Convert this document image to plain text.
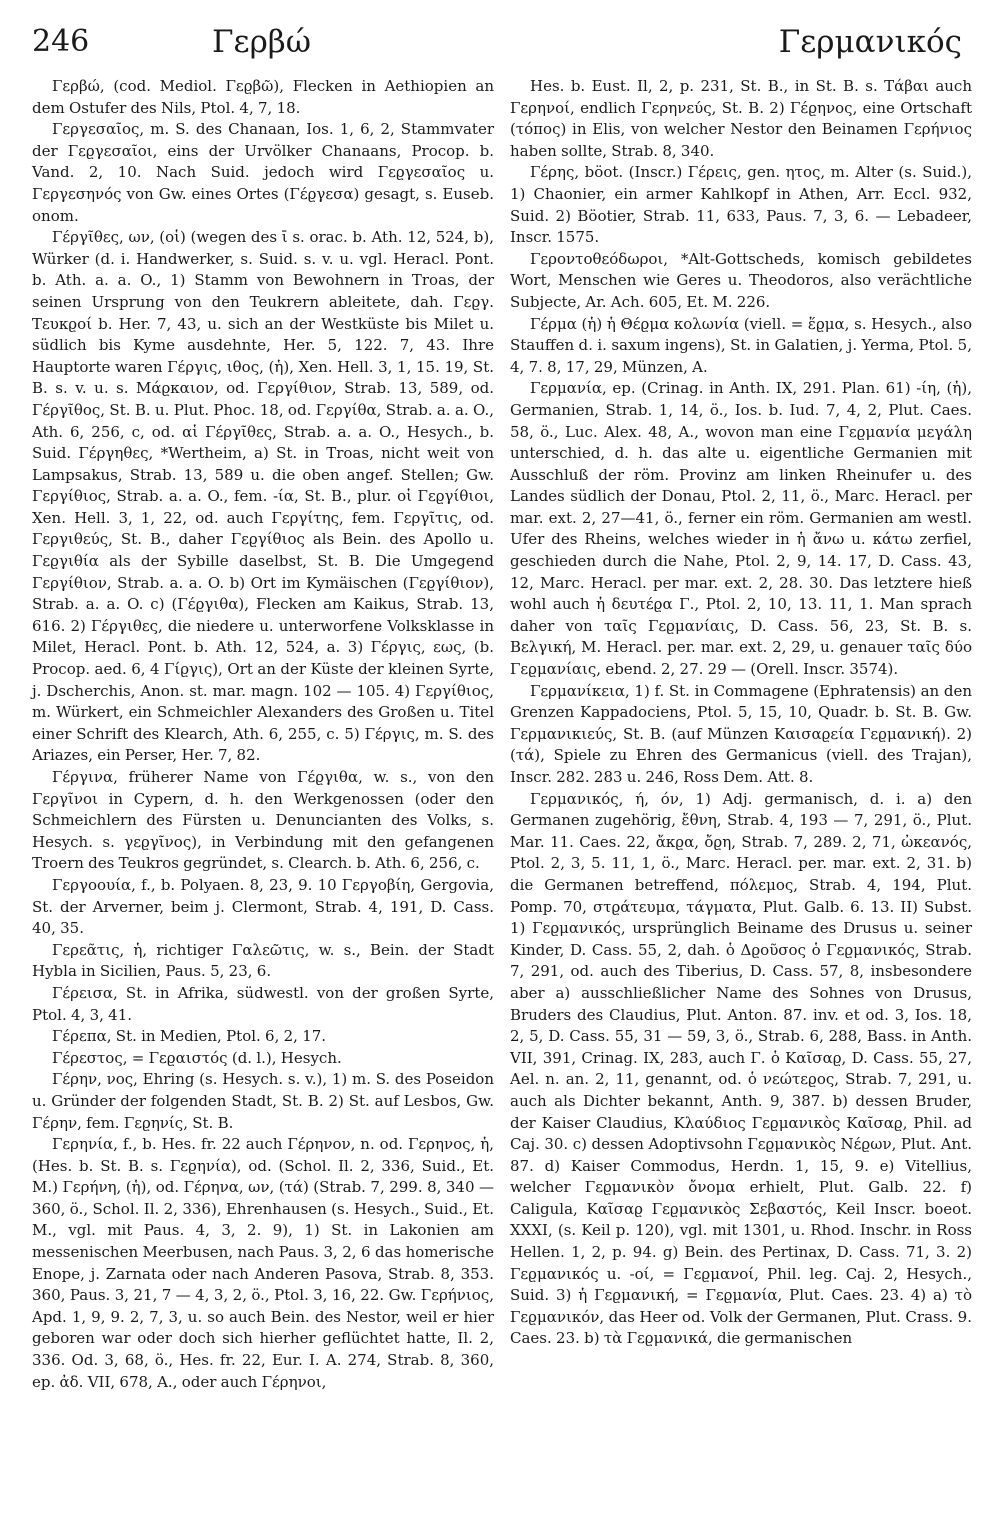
246	Γερβώ	Γερμανικός

Γερβώ, (cod. Mediol. Γεϱβῶ), Flecken in Aethiopien an dem Ostufer des Nils, Ptol. 4, 7, 18.

Γεργεσαῖος, m. S. des Chanaan, Ios. 1, 6, 2, Stammvater der Γεϱγεσαῖοι, eins der Urvölker Chanaans, Procop. b. Vand. 2, 10. Nach Suid. jedoch wird Γεϱγεσαῖος u. Γεργεσηνός von Gw. eines Ortes (Γέϱγεσα) gesagt, s. Euseb. onom.

Γέργῖθες, ων, (οἱ) (wegen des ῑ s. orac. b. Ath. 12, 524, b), Würker (d. i. Handwerker, s. Suid. s. v. u. vgl. Heracl. Pont. b. Ath. a. a. O., 1) Stamm von Bewohnern in Troas, der seinen Ursprung von den Teukrern ableitete, dah. Γεϱγ. Τευκϱοί b. Her. 7, 43, u. sich an der Westküste bis Milet u. südlich bis Kyme ausdehnte, Her. 5, 122. 7, 43. Ihre Hauptorte waren Γέργις, ιθος, (ἡ), Xen. Hell. 3, 1, 15. 19, St. B. s. v. u. s. Μάϱκαιον, od. Γεργίθιον, Strab. 13, 589, od. Γέργῖθος, St. B. u. Plut. Phoc. 18, od. Γεργίθα, Strab. a. a. O., Ath. 6, 256, c, od. αἱ Γέργῖθες, Strab. a. a. O., Hesych., b. Suid. Γέργηθες, *Wertheim, a) St. in Troas, nicht weit von Lampsakus, Strab. 13, 589 u. die oben angef. Stellen; Gw. Γεργίθιος, Strab. a. a. O., fem. -ία, St. B., plur. οἱ Γεϱγίθιοι, Xen. Hell. 3, 1, 22, od. auch Γεργίτης, fem. Γεργῖτις, od. Γεργιθεύς, St. B., daher Γεϱγίθιος als Bein. des Apollo u. Γεϱγιθία als der Sybille daselbst, St. B. Die Umgegend Γεργίθιον, Strab. a. a. O. b) Ort im Kymäischen (Γεϱγίθιον), Strab. a. a. O. c) (Γέϱγιθα), Flecken am Kaikus, Strab. 13, 616. 2) Γέργιθες, die niedere u. unterworfene Volksklasse in Milet, Heracl. Pont. b. Ath. 12, 524, a. 3) Γέργις, εως, (b. Procop. aed. 6, 4 Γίϱγις), Ort an der Küste der kleinen Syrte, j. Dscherchis, Anon. st. mar. magn. 102 — 105. 4) Γεργίθιος, m. Würkert, ein Schmeichler Alexanders des Großen u. Titel einer Schrift des Klearch, Ath. 6, 255, c. 5) Γέργις, m. S. des Ariazes, ein Perser, Her. 7, 82.

Γέργινα, früherer Name von Γέϱγιθα, w. s., von den Γεργῖνοι in Cypern, d. h. den Werkgenossen (oder den Schmeichlern des Fürsten u. Denuncianten des Volks, s. Hesych. s. γεϱγῖνος), in Verbindung mit den gefangenen Troern des Teukros gegründet, s. Clearch. b. Ath. 6, 256, c.

Γεργοουία, f., b. Polyaen. 8, 23, 9. 10 Γεργοβίη, Gergovia, St. der Arverner, beim j. Clermont, Strab. 4, 191, D. Cass. 40, 35.

Γερεᾶτις, ἡ, richtiger Γαλεῶτις, w. s., Bein. der Stadt Hybla in Sicilien, Paus. 5, 23, 6.

Γέρεισα, St. in Afrika, südwestl. von der großen Syrte, Ptol. 4, 3, 41.

Γέρεπα, St. in Medien, Ptol. 6, 2, 17.

Γέρεστος, = Γεϱαιστός (d. l.), Hesych.

Γέρην, νος, Ehring (s. Hesych. s. v.), 1) m. S. des Poseidon u. Gründer der folgenden Stadt, St. B. 2) St. auf Lesbos, Gw. Γέρην, fem. Γεϱηνίς, St. B.

Γερηνία, f., b. Hes. fr. 22 auch Γέρηνον, n. od. Γερηνος, ἡ, (Hes. b. St. B. s. Γεϱηνία), od. (Schol. Il. 2, 336, Suid., Et. M.) Γερήνη, (ἡ), od. Γέρηνα, ων, (τά) (Strab. 7, 299. 8, 340 — 360, ö., Schol. Il. 2, 336), Ehrenhausen (s. Hesych., Suid., Et. M., vgl. mit Paus. 4, 3, 2. 9), 1) St. in Lakonien am messenischen Meerbusen, nach Paus. 3, 2, 6 das homerische Enope, j. Zarnata oder nach Anderen Pasova, Strab. 8, 353. 360, Paus. 3, 21, 7 — 4, 3, 2, ö., Ptol. 3, 16, 22. Gw. Γερήνιος, Apd. 1, 9, 9. 2, 7, 3, u. so auch Bein. des Nestor, weil er hier geboren war oder doch sich hierher geflüchtet hatte, Il. 2, 336. Od. 3, 68, ö., Hes. fr. 22, Eur. I. A. 274, Strab. 8, 360, ep. ἀδ. VII, 678, A., oder auch Γέρηνοι,

Hes. b. Eust. Il, 2, p. 231, St. B., in St. B. s. Τάβαι auch Γερηνοί, endlich Γερηνεύς, St. B. 2) Γέϱηνος, eine Ortschaft (τόπος) in Elis, von welcher Nestor den Beinamen Γερήνιος haben sollte, Strab. 8, 340.

Γέρης, böot. (Inscr.) Γέρεις, gen. ητος, m. Alter (s. Suid.), 1) Chaonier, ein armer Kahlkopf in Athen, Arr. Eccl. 932, Suid. 2) Böotier, Strab. 11, 633, Paus. 7, 3, 6. — Lebadeer, Inscr. 1575.

Γεροντοθεόδωροι, *Alt-Gottscheds, komisch gebildetes Wort, Menschen wie Geres u. Theodoros, also verächtliche Subjecte, Ar. Ach. 605, Et. M. 226.

Γέρμα (ἡ) ἡ Θέϱμα κολωνία (viell. = ἕϱμα, s. Hesych., also Stauffen d. i. saxum ingens), St. in Galatien, j. Yerma, Ptol. 5, 4, 7. 8, 17, 29, Münzen, A.

Γερμανία, ep. (Crinag. in Anth. IX, 291. Plan. 61) -ίη, (ἡ), Germanien, Strab. 1, 14, ö., Ios. b. Iud. 7, 4, 2, Plut. Caes. 58, ö., Luc. Alex. 48, A., wovon man eine Γεϱμανία μεγάλη unterschied, d. h. das alte u. eigentliche Germanien mit Ausschluß der röm. Provinz am linken Rheinufer u. des Landes südlich der Donau, Ptol. 2, 11, ö., Marc. Heracl. per mar. ext. 2, 27—41, ö., ferner ein röm. Germanien am westl. Ufer des Rheins, welches wieder in ἡ ἄνω u. κάτω zerfiel, geschieden durch die Nahe, Ptol. 2, 9, 14. 17, D. Cass. 43, 12, Marc. Heracl. per mar. ext. 2, 28. 30. Das letztere hieß wohl auch ἡ δευτέϱα Γ., Ptol. 2, 10, 13. 11, 1. Man sprach daher von ταῖς Γεϱμανίαις, D. Cass. 56, 23, St. B. s. Βελγική, M. Heracl. per. mar. ext. 2, 29, u. genauer ταῖς δύο Γεϱμανίαις, ebend. 2, 27. 29 — (Orell. Inscr. 3574).

Γερμανίκεια, 1) f. St. in Commagene (Ephratensis) an den Grenzen Kappadociens, Ptol. 5, 15, 10, Quadr. b. St. B. Gw. Γερμανικιεύς, St. B. (auf Münzen Καισαϱεία Γεϱμανική). 2) (τά), Spiele zu Ehren des Germanicus (viell. des Trajan), Inscr. 282. 283 u. 246, Ross Dem. Att. 8.

Γερμανικός, ή, όν, 1) Adj. germanisch, d. i. a) den Germanen zugehörig, ἔθνη, Strab. 4, 193 — 7, 291, ö., Plut. Mar. 11. Caes. 22, ἄκϱα, ὄϱη, Strab. 7, 289. 2, 71, ὠκεανός, Ptol. 2, 3, 5. 11, 1, ö., Marc. Heracl. per. mar. ext. 2, 31. b) die Germanen betreffend, πόλεμος, Strab. 4, 194, Plut. Pomp. 70, στϱάτευμα, τάγματα, Plut. Galb. 6. 13. II) Subst. 1) Γεϱμανικός, ursprünglich Beiname des Drusus u. seiner Kinder, D. Cass. 55, 2, dah. ὁ Δϱοῦσος ὁ Γεϱμανικός, Strab. 7, 291, od. auch des Tiberius, D. Cass. 57, 8, insbesondere aber a) ausschließlicher Name des Sohnes von Drusus, Bruders des Claudius, Plut. Anton. 87. inv. et od. 3, Ios. 18, 2, 5, D. Cass. 55, 31 — 59, 3, ö., Strab. 6, 288, Bass. in Anth. VII, 391, Crinag. IX, 283, auch Γ. ὁ Καῖσαϱ, D. Cass. 55, 27, Ael. n. an. 2, 11, genannt, od. ὁ νεώτεϱος, Strab. 7, 291, u. auch als Dichter bekannt, Anth. 9, 387. b) dessen Bruder, der Kaiser Claudius, Κλαύδιος Γεϱμανικὸς Καῖσαϱ, Phil. ad Caj. 30. c) dessen Adoptivsohn Γεϱμανικὸς Νέϱων, Plut. Ant. 87. d) Kaiser Commodus, Herdn. 1, 15, 9. e) Vitellius, welcher Γεϱμανικὸν ὄνομα erhielt, Plut. Galb. 22. f) Caligula, Καῖσαϱ Γεϱμανικὸς Σεβαστός, Keil Inscr. boeot. XXXI, (s. Keil p. 120), vgl. mit 1301, u. Rhod. Inschr. in Ross Hellen. 1, 2, p. 94. g) Bein. des Pertinax, D. Cass. 71, 3. 2) Γεϱμανικός u. -οί, = Γεϱμανοί, Phil. leg. Caj. 2, Hesych., Suid. 3) ἡ Γεϱμανική, = Γεϱμανία, Plut. Caes. 23. 4) a) τὸ Γεϱμανικόν, das Heer od. Volk der Germanen, Plut. Crass. 9. Caes. 23. b) τὰ Γεϱμανικά, die germanischen
